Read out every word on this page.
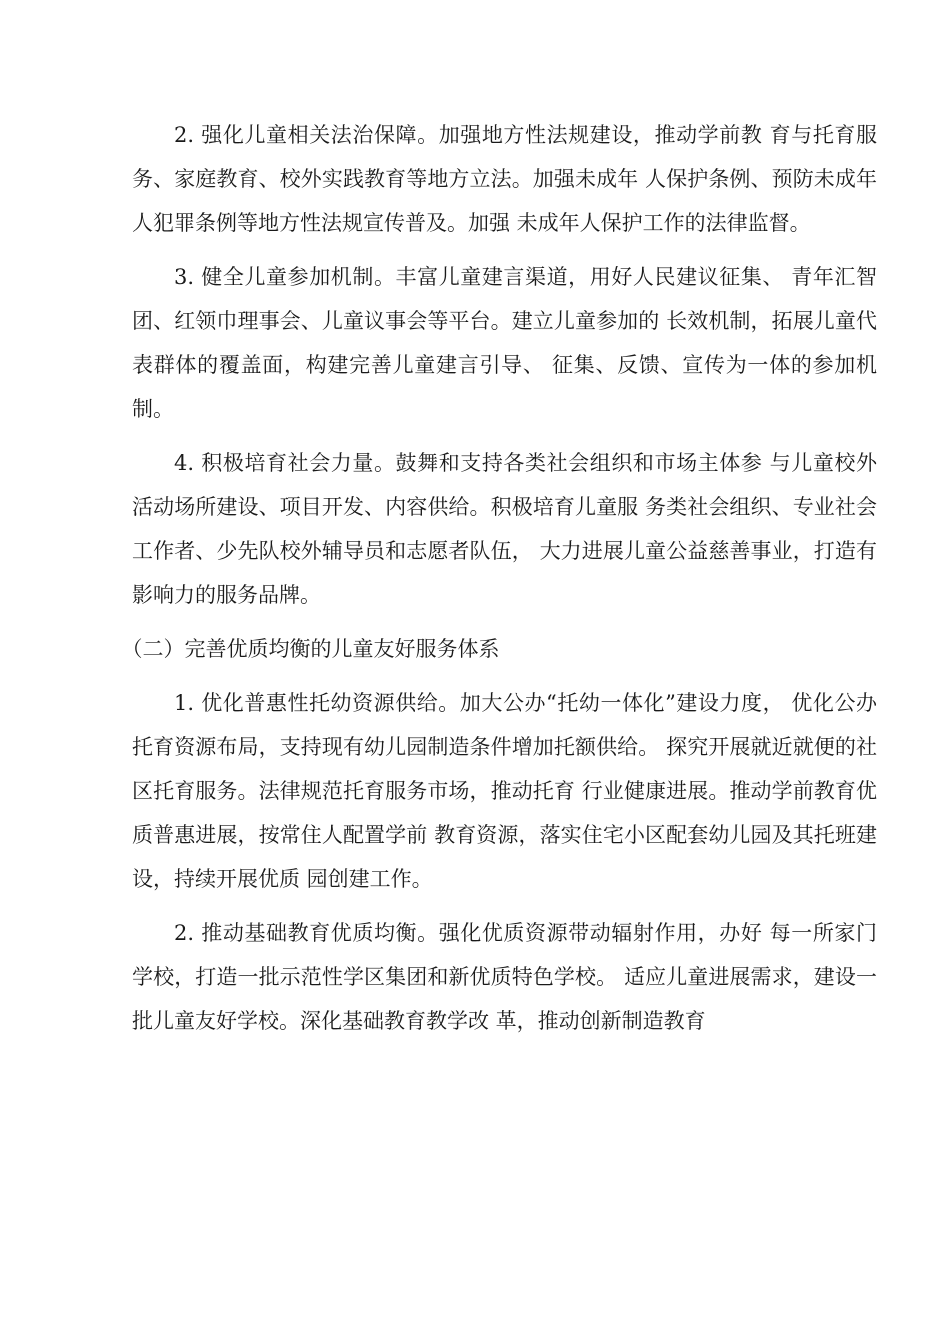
2. 强化儿童相关法治保障。加强地方性法规建设，推动学前教 育与托育服务、家庭教育、校外实践教育等地方立法。加强未成年 人保护条例、预防未成年人犯罪条例等地方性法规宣传普及。加强 未成年人保护工作的法律监督。

3. 健全儿童参加机制。丰富儿童建言渠道，用好人民建议征集、 青年汇智团、红领巾理事会、儿童议事会等平台。建立儿童参加的 长效机制，拓展儿童代表群体的覆盖面，构建完善儿童建言引导、 征集、反馈、宣传为一体的参加机制。

4. 积极培育社会力量。鼓舞和支持各类社会组织和市场主体参 与儿童校外活动场所建设、项目开发、内容供给。积极培育儿童服 务类社会组织、专业社会工作者、少先队校外辅导员和志愿者队伍， 大力进展儿童公益慈善事业，打造有影响力的服务品牌。

（二）完善优质均衡的儿童友好服务体系

1. 优化普惠性托幼资源供给。加大公办“托幼一体化”建设力度， 优化公办托育资源布局，支持现有幼儿园制造条件增加托额供给。 探究开展就近就便的社区托育服务。法律规范托育服务市场，推动托育 行业健康进展。推动学前教育优质普惠进展，按常住人配置学前 教育资源，落实住宅小区配套幼儿园及其托班建设，持续开展优质 园创建工作。

2. 推动基础教育优质均衡。强化优质资源带动辐射作用，办好 每一所家门学校，打造一批示范性学区集团和新优质特色学校。 适应儿童进展需求，建设一批儿童友好学校。深化基础教育教学改 革，推动创新制造教育
